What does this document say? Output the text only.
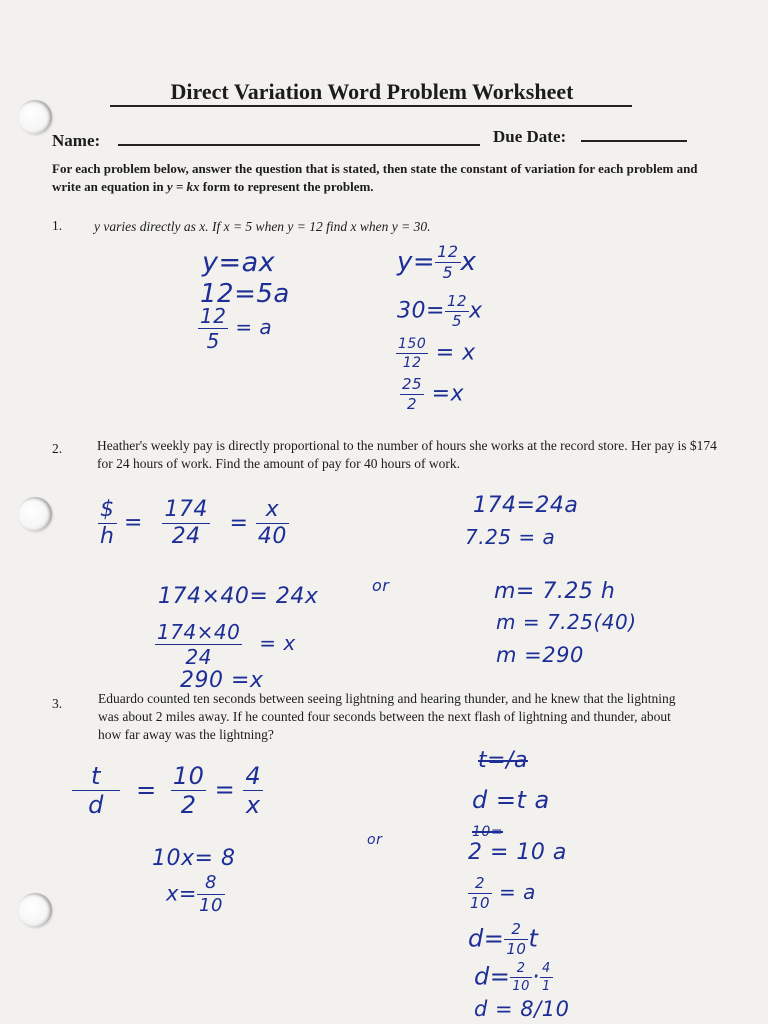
Direct Variation Word Problem Worksheet
Name:	Due Date:
For each problem below, answer the question that is stated, then state the constant of variation for each problem and write an equation in y = kx form to represent the problem.
1. y varies directly as x. If x = 5 when y = 12 find x when y = 30.
y=ax
12=5a
$\frac{12}{5} = a$
$y= \frac{12}{5}$ x
$30= \frac{12}{5}$ x
$\frac{150}{12} = x$
$\frac{25}{2} =x$
2.	Heather's weekly pay is directly proportional to the number of hours she works at the record store. Her pay is $174 for 24 hours of work. Find the amount of pay for 40 hours of work.
$\frac{\$}{h} = \frac{174}{24} = \frac{x}{40}$
174×40= 24x
$\frac{174\times 40}{24} = x$
290 =x
or
174=24a
7.25 = a
m= 7.25 h
m = 7.25(40)
m =290
3.	Eduardo counted ten seconds between seeing lightning and hearing thunder, and he knew that the lightning was about 2 miles away. If he counted four seconds between the next flash of lightning and thunder, about how far away was the lightning?
$\frac{t}{d} = \frac{10}{2} = \frac{4}{x}$
10x= 8
$x= \frac{8}{10}$
or
t=/a
d =t a
10=
2 = 10 a
$\frac{2}{10} = a$
$d= \frac{2}{10}$ t
$d= \frac{2}{10} \cdot \frac{4}{1}$
d = 8/10
